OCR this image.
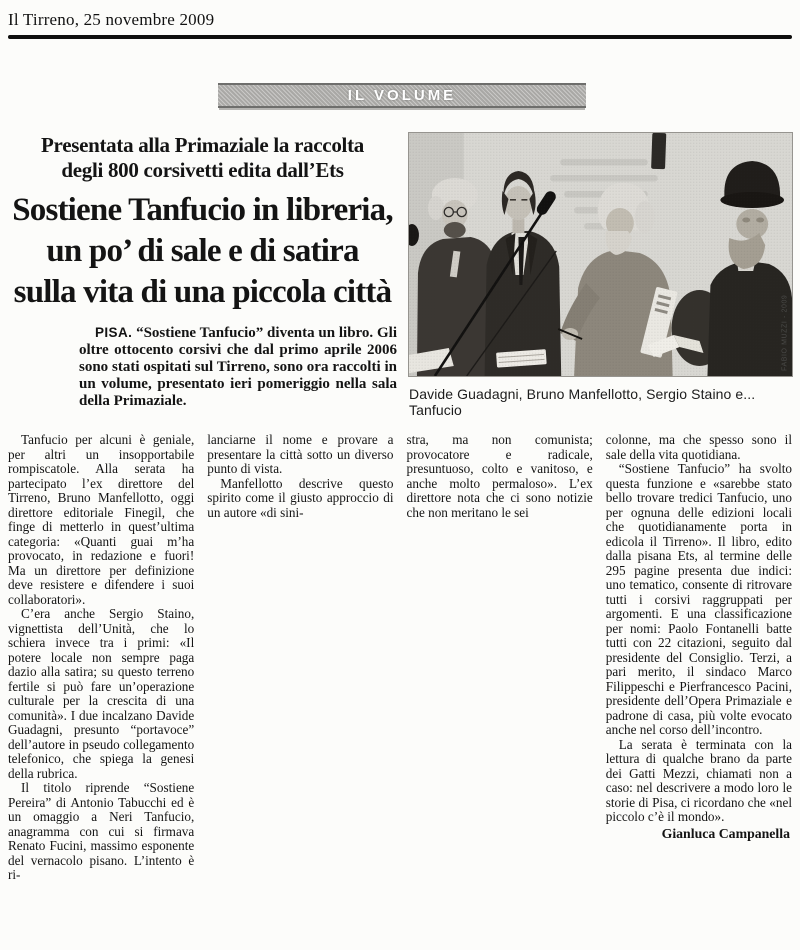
Il Tirreno, 25 novembre 2009
IL VOLUME
Presentata alla Primaziale la raccolta
degli 800 corsivetti edita dall’Ets
Sostiene Tanfucio in libreria,
un po’ di sale e di satira
sulla vita di una piccola città

PISA. “Sostiene Tanfucio” diventa un libro. Gli oltre ottocento corsivi che dal primo aprile 2006 sono stati ospitati sul Tirreno, sono ora raccolti in un volume, presentato ieri pomeriggio nella sala della Primaziale.

FABIO MUZZI - 2009
Davide Guadagni, Bruno Manfellotto, Sergio Staino e... Tanfucio

Tanfucio per alcuni è geniale, per altri un insopportabile rompiscatole. Alla serata ha partecipato l’ex direttore del Tirreno, Bruno Manfellotto, oggi direttore editoriale Finegil, che finge di metterlo in quest’ultima categoria: «Quanti guai m’ha provocato, in redazione e fuori! Ma un direttore per definizione deve resistere e difendere i suoi collaboratori».

C’era anche Sergio Staino, vignettista dell’Unità, che lo schiera invece tra i primi: «Il potere locale non sempre paga dazio alla satira; su questo terreno fertile si può fare un’operazione culturale per la crescita di una comunità». I due incalzano Davide Guadagni, presunto “portavoce” dell’autore in pseudo collegamento telefonico, che spiega la genesi della rubrica.

Il titolo riprende “Sostiene Pereira” di Antonio Tabucchi ed è un omaggio a Neri Tanfucio, anagramma con cui si firmava Renato Fucini, massimo esponente del vernacolo pisano. L’intento è ri-

lanciarne il nome e provare a presentare la città sotto un diverso punto di vista.

Manfellotto descrive questo spirito come il giusto approccio di un autore «di sini-

stra, ma non comunista; provocatore e radicale, presuntuoso, colto e vanitoso, e anche molto permaloso». L’ex direttore nota che ci sono notizie che non meritano le sei

colonne, ma che spesso sono il sale della vita quotidiana.

“Sostiene Tanfucio” ha svolto questa funzione e «sarebbe stato bello trovare tredici Tanfucio, uno per ognuna delle edizioni locali che quotidianamente porta in edicola il Tirreno». Il libro, edito dalla pisana Ets, al termine delle 295 pagine presenta due indici: uno tematico, consente di ritrovare tutti i corsivi raggruppati per argomenti. E una classificazione per nomi: Paolo Fontanelli batte tutti con 22 citazioni, seguito dal presidente del Consiglio. Terzi, a pari merito, il sindaco Marco Filippeschi e Pierfrancesco Pacini, presidente dell’Opera Primaziale e padrone di casa, più volte evocato anche nel corso dell’incontro.

La serata è terminata con la lettura di qualche brano da parte dei Gatti Mezzi, chiamati non a caso: nel descrivere a modo loro le storie di Pisa, ci ricordano che «nel piccolo c’è il mondo».

Gianluca Campanella
